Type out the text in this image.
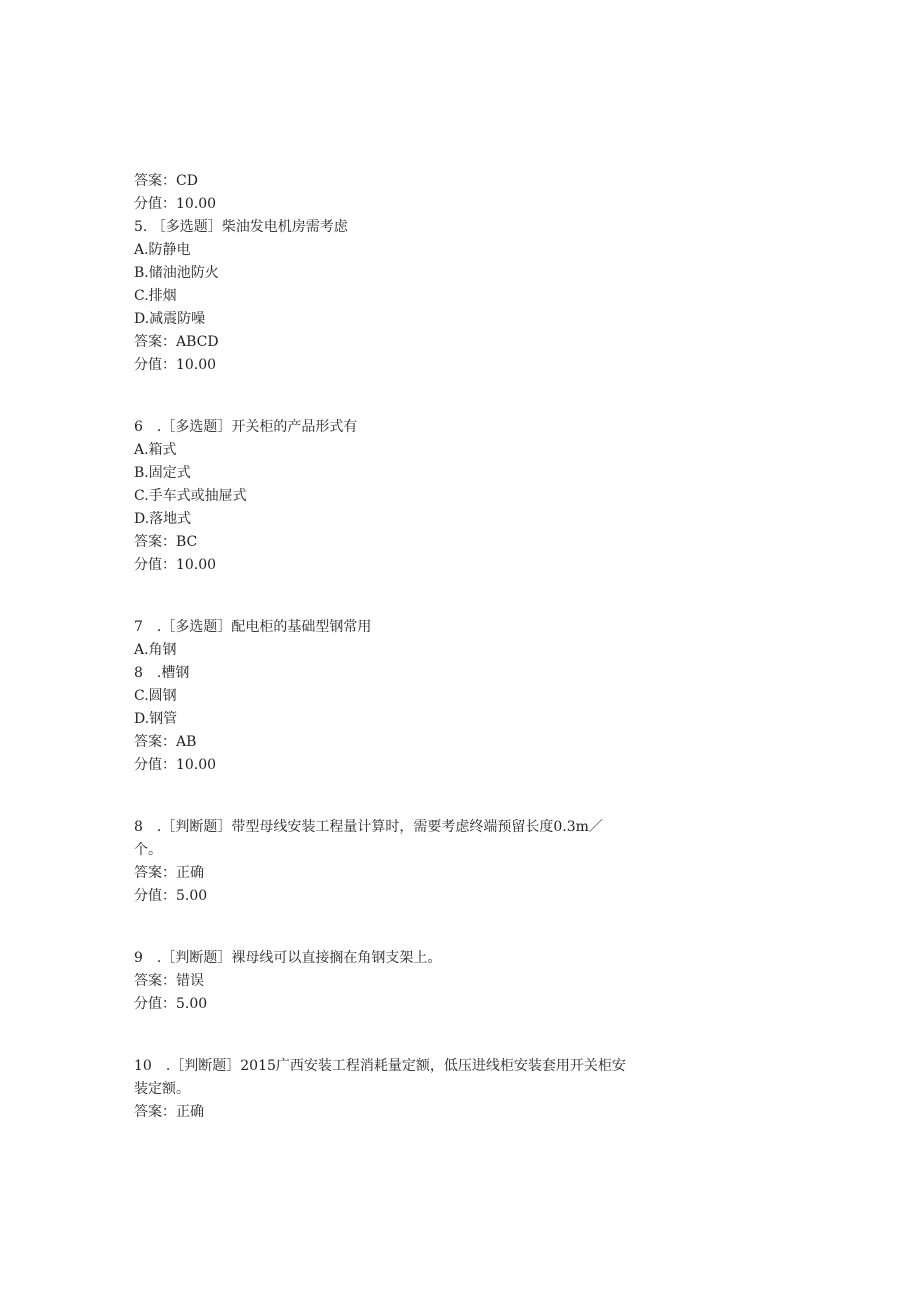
答案：CD
分值：10.00
5. ［多选题］柴油发电机房需考虑
A.防静电
B.储油池防火
C.排烟
D.减震防噪
答案：ABCD
分值：10.00
6　.［多选题］开关柜的产品形式有
A.箱式
B.固定式
C.手车式或抽屉式
D.落地式
答案：BC
分值：10.00
7　.［多选题］配电柜的基础型钢常用
A.角钢
8　.槽钢
C.圆钢
D.钢管
答案：AB
分值：10.00
8　.［判断题］带型母线安装工程量计算时，需要考虑终端预留长度0.3m／
个。
答案：正确
分值：5.00
9　.［判断题］裸母线可以直接搁在角钢支架上。
答案：错误
分值：5.00
10　.［判断题］2015广西安装工程消耗量定额，低压进线柜安装套用开关柜安
装定额。
答案：正确
